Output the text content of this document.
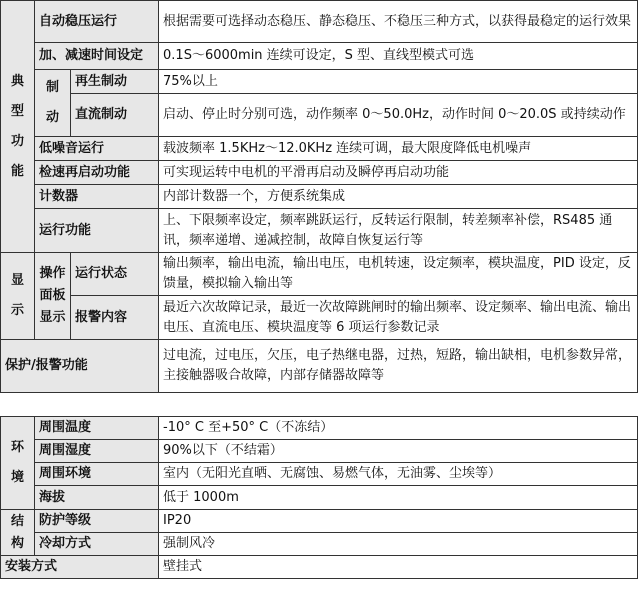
典型功能	自动稳压运行		根据需要可选择动态稳压、静态稳压、不稳压三种方式，以获得最稳定的运行效果
	加、减速时间设定		0.1S～6000min 连续可设定，S 型、直线型模式可选
	制动	再生制动	75%以上
		直流制动	启动、停止时分别可选，动作频率 0～50.0Hz，动作时间 0～20.0S 或持续动作
	低噪音运行		载波频率 1.5KHz～12.0KHz 连续可调，最大限度降低电机噪声
	检速再启动功能		可实现运转中电机的平滑再启动及瞬停再启动功能
	计数器		内部计数器一个，方便系统集成
	运行功能		上、下限频率设定，频率跳跃运行，反转运行限制，转差频率补偿，RS485 通讯，频率递增、递减控制，故障自恢复运行等
显示	操作面板显示	运行状态	输出频率，输出电流，输出电压，电机转速，设定频率，模块温度，PID 设定，反馈量，模拟输入输出等
		报警内容	最近六次故障记录，最近一次故障跳闸时的输出频率、设定频率、输出电流、输出电压、直流电压、模块温度等 6 项运行参数记录
保护/报警功能			过电流，过电压，欠压，电子热继电器，过热，短路，输出缺相，电机参数异常，主接触器吸合故障，内部存储器故障等
环境	周围温度	-10° C 至+50° C（不冻结）
	周围湿度	90%以下（不结霜）
	周围环境	室内（无阳光直晒、无腐蚀、易燃气体，无油雾、尘埃等）
	海拔	低于 1000m
结构	防护等级	IP20
	冷却方式	强制风冷
安装方式		壁挂式
